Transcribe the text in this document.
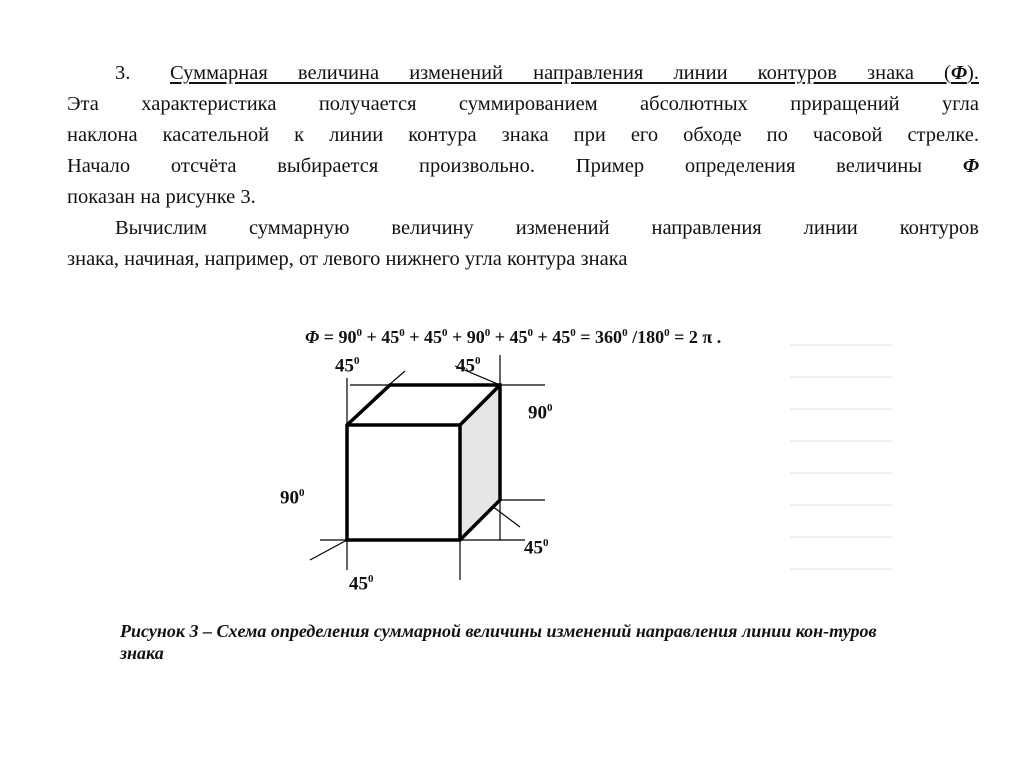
3. Суммарная величина изменений направления линии контуров знака (Φ).
Эта характеристика получается суммированием абсолютных приращений угла
наклона касательной к линии контура знака при его обходе по часовой стрелке.
Начало отсчёта выбирается произвольно. Пример определения величины Φ
показан на рисунке 3.
Вычислим суммарную величину изменений направления линии контуров
знака, начиная, например, от левого нижнего угла контура знака
─────────
─────────
─────────
─────────
─────────
─────────
─────────
─────────
$\Phi = 90^0 + 45^0 + 45^0 + 90^0 + 45^0 + 45^0 = 360^0$ $/180^0 = 2$ π .
$45^0$	$45^0$
$90^0$
$90^0$
$45^0$
$45^0$
Рисунок 3 – Схема определения суммарной величины изменений направления линии кон-туров знака
